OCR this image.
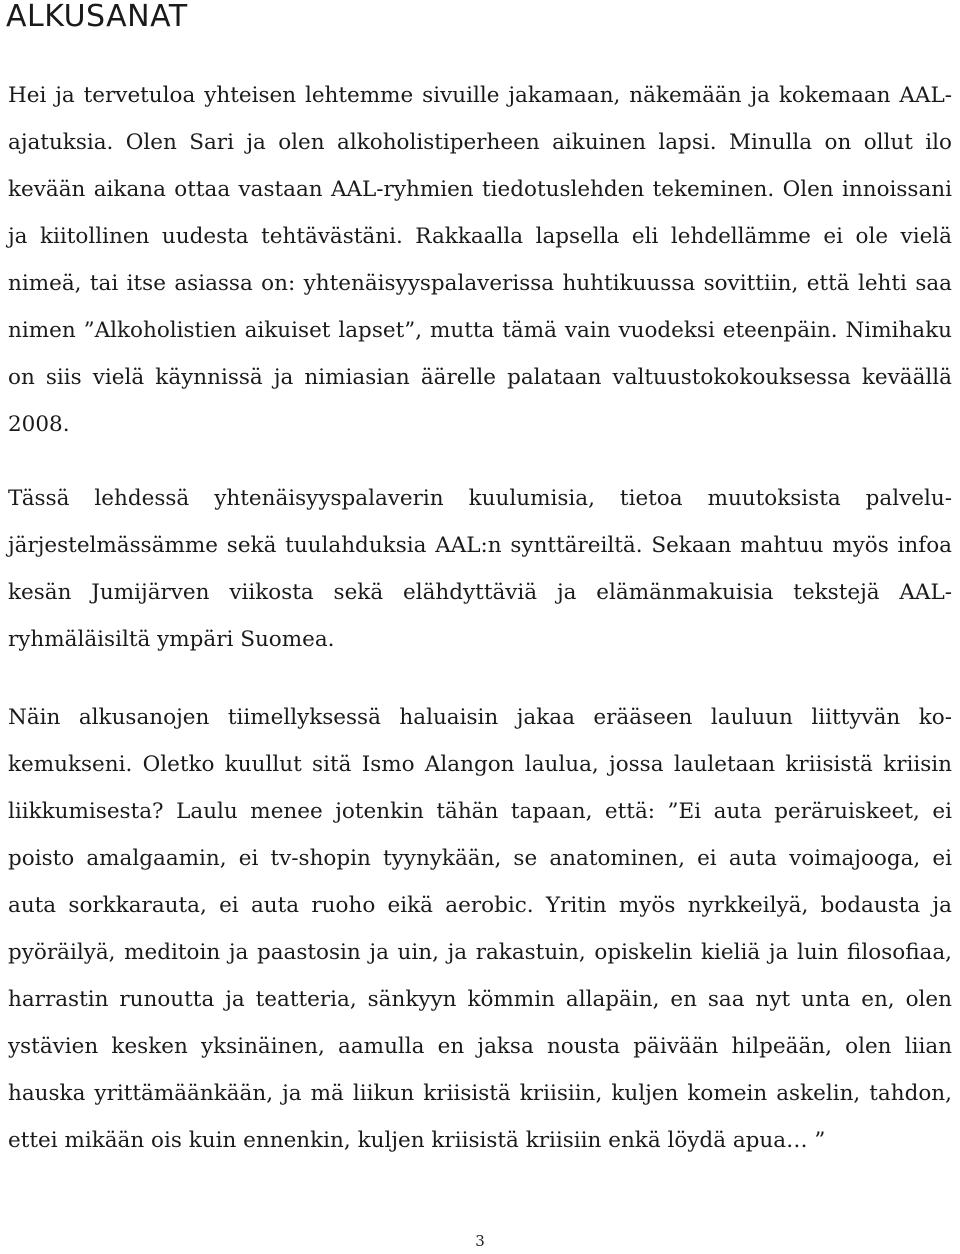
ALKUSANAT

Hei ja tervetuloa yhteisen lehtemme sivuille jakamaan, näkemään ja kokemaan AAL-ajatuksia. Olen Sari ja olen alkoholistiperheen aikuinen lapsi. Minulla on ollut ilo kevään aikana ottaa vastaan AAL-ryhmien tiedotuslehden tekeminen. Olen innoissani ja kiitollinen uudesta tehtävästäni. Rakkaalla lapsella eli lehdellämme ei ole vielä nimeä, tai itse asiassa on: yhtenäisyyspalaverissa huhtikuussa sovittiin, että lehti saa nimen ”Alkoholistien aikuiset lapset”, mutta tämä vain vuodeksi eteenpäin. Nimihaku on siis vielä käynnissä ja nimiasian äärelle palataan valtuustokokouksessa keväällä 2008.

Tässä lehdessä yhtenäisyyspalaverin kuulumisia, tietoa muutoksista palvelujärjestelmässämme sekä tuulahduksia AAL:n synttäreiltä. Sekaan mahtuu myös infoa kesän Jumijärven viikosta sekä elähdyttäviä ja elämänmakuisia tekstejä AAL-ryhmäläisiltä ympäri Suomea.

Näin alkusanojen tiimellyksessä haluaisin jakaa erääseen lauluun liittyvän kokemukseni. Oletko kuullut sitä Ismo Alangon laulua, jossa lauletaan kriisistä kriisin liikkumisesta? Laulu menee jotenkin tähän tapaan, että: ”Ei auta peräruiskeet, ei poisto amalgaamin, ei tv-shopin tyynykään, se anatominen, ei auta voimajooga, ei auta sorkkarauta, ei auta ruoho eikä aerobic. Yritin myös nyrkkeilyä, bodausta ja pyöräilyä, meditoin ja paastosin ja uin, ja rakastuin, opiskelin kieliä ja luin filosofiaa, harrastin runoutta ja teatteria, sänkyyn kömmin allapäin, en saa nyt unta en, olen ystävien kesken yksinäinen, aamulla en jaksa nousta päivään hilpeään, olen liian hauska yrittämäänkään, ja mä liikun kriisistä kriisiin, kuljen komein askelin, tahdon, ettei mikään ois kuin ennenkin, kuljen kriisistä kriisiin enkä löydä apua… ”

3
